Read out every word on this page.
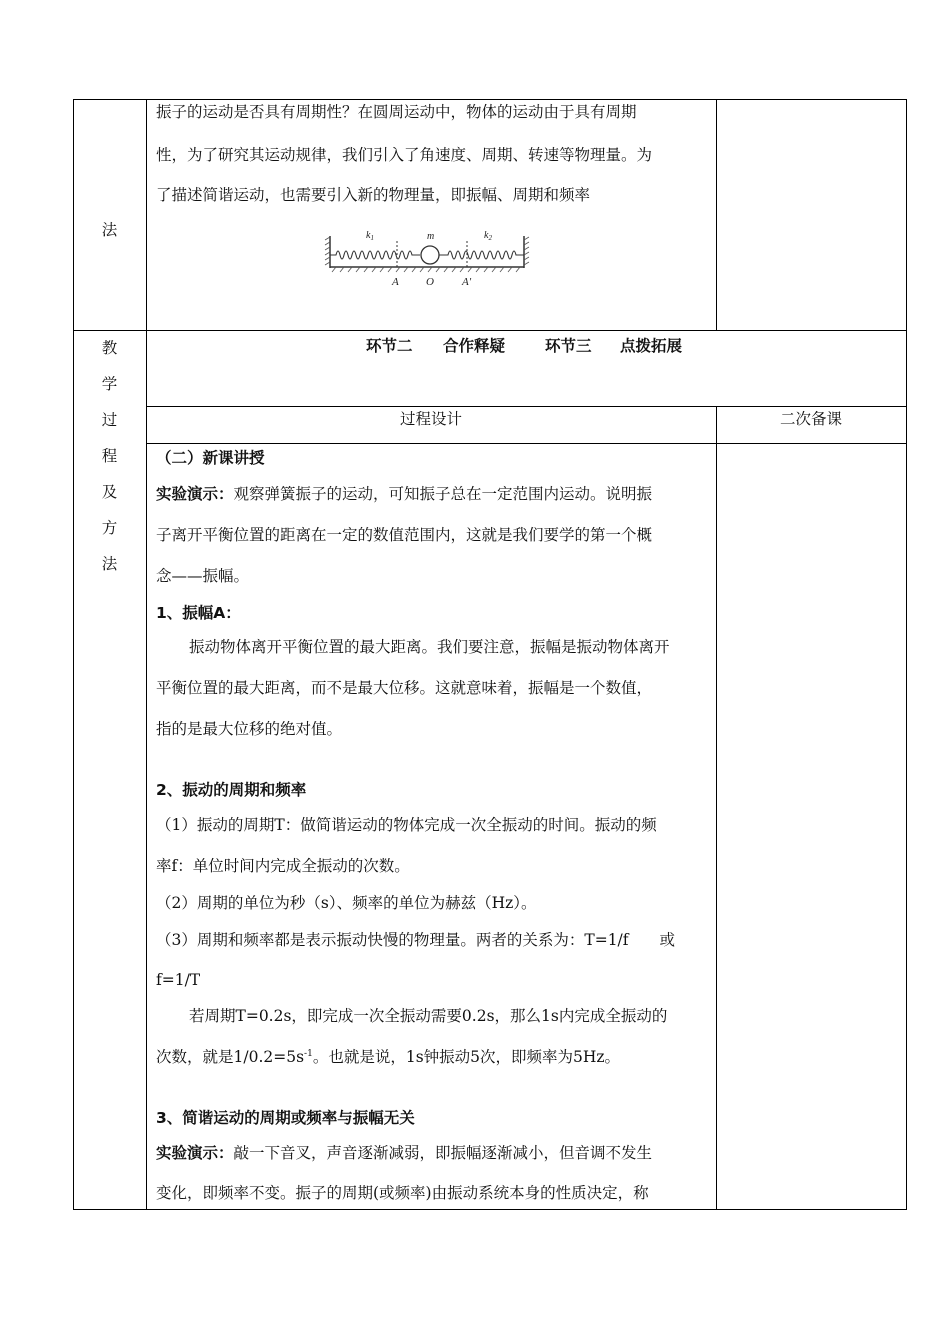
法
振子的运动是否具有周期性？在圆周运动中，物体的运动由于具有周期
性，为了研究其运动规律，我们引入了角速度、周期、转速等物理量。为
了描述简谐运动，也需要引入新的物理量，即振幅、周期和频率
$k_1$	m	$k_2$
A O	A′
教
学
过
程
及
方
法
环节二 合作释疑	环节三 点拨拓展
过程设计	二次备课
（二）新课讲授
实验演示：观察弹簧振子的运动，可知振子总在一定范围内运动。说明振
子离开平衡位置的距离在一定的数值范围内，这就是我们要学的第一个概
念——振幅。
1、振幅A：
振动物体离开平衡位置的最大距离。我们要注意，振幅是振动物体离开
平衡位置的最大距离，而不是最大位移。这就意味着，振幅是一个数值，
指的是最大位移的绝对值。
2、振动的周期和频率
（1）振动的周期T：做简谐运动的物体完成一次全振动的时间。振动的频
率f：单位时间内完成全振动的次数。
（2）周期的单位为秒（s）、频率的单位为赫兹（Hz）。
（3）周期和频率都是表示振动快慢的物理量。两者的关系为：T=1/f　　或
f=1/T
若周期T=0.2s，即完成一次全振动需要0.2s，那么1s内完成全振动的
次数，就是$1/0.2=5s^{-1}$。也就是说，1s钟振动5次，即频率为5Hz。
3、简谐运动的周期或频率与振幅无关
实验演示：敲一下音叉，声音逐渐减弱，即振幅逐渐减小，但音调不发生
变化，即频率不变。振子的周期(或频率)由振动系统本身的性质决定，称
